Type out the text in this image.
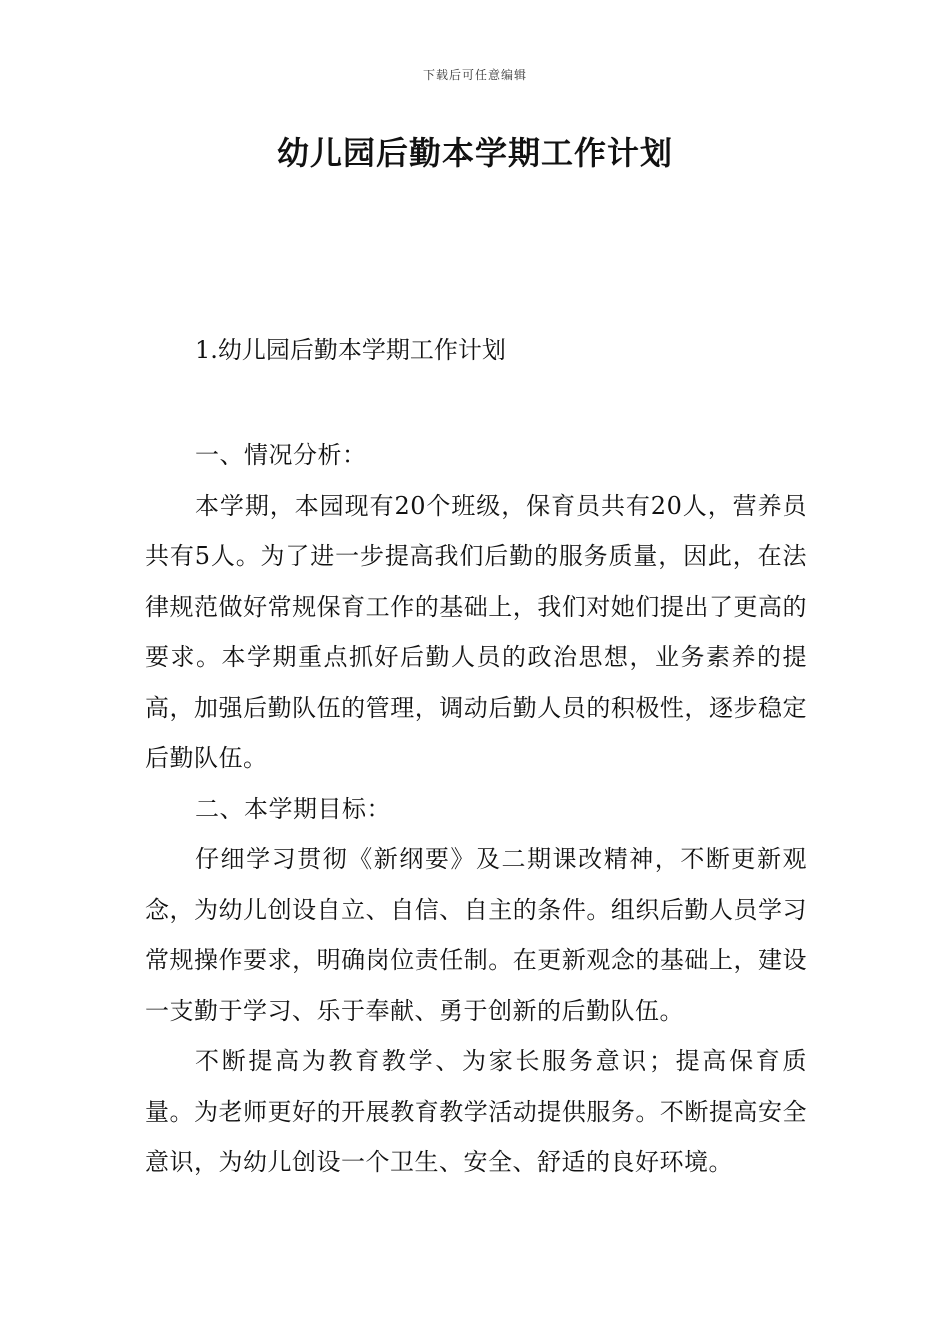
下载后可任意编辑
幼儿园后勤本学期工作计划
1.幼儿园后勤本学期工作计划

一、情况分析：

本学期，本园现有20个班级，保育员共有20人，营养员共有5人。为了进一步提高我们后勤的服务质量，因此，在法律规范做好常规保育工作的基础上，我们对她们提出了更高的要求。本学期重点抓好后勤人员的政治思想，业务素养的提高，加强后勤队伍的管理，调动后勤人员的积极性，逐步稳定后勤队伍。

二、本学期目标：

仔细学习贯彻《新纲要》及二期课改精神，不断更新观念，为幼儿创设自立、自信、自主的条件。组织后勤人员学习常规操作要求，明确岗位责任制。在更新观念的基础上，建设一支勤于学习、乐于奉献、勇于创新的后勤队伍。

不断提高为教育教学、为家长服务意识；提高保育质量。为老师更好的开展教育教学活动提供服务。不断提高安全意识，为幼儿创设一个卫生、安全、舒适的良好环境。
